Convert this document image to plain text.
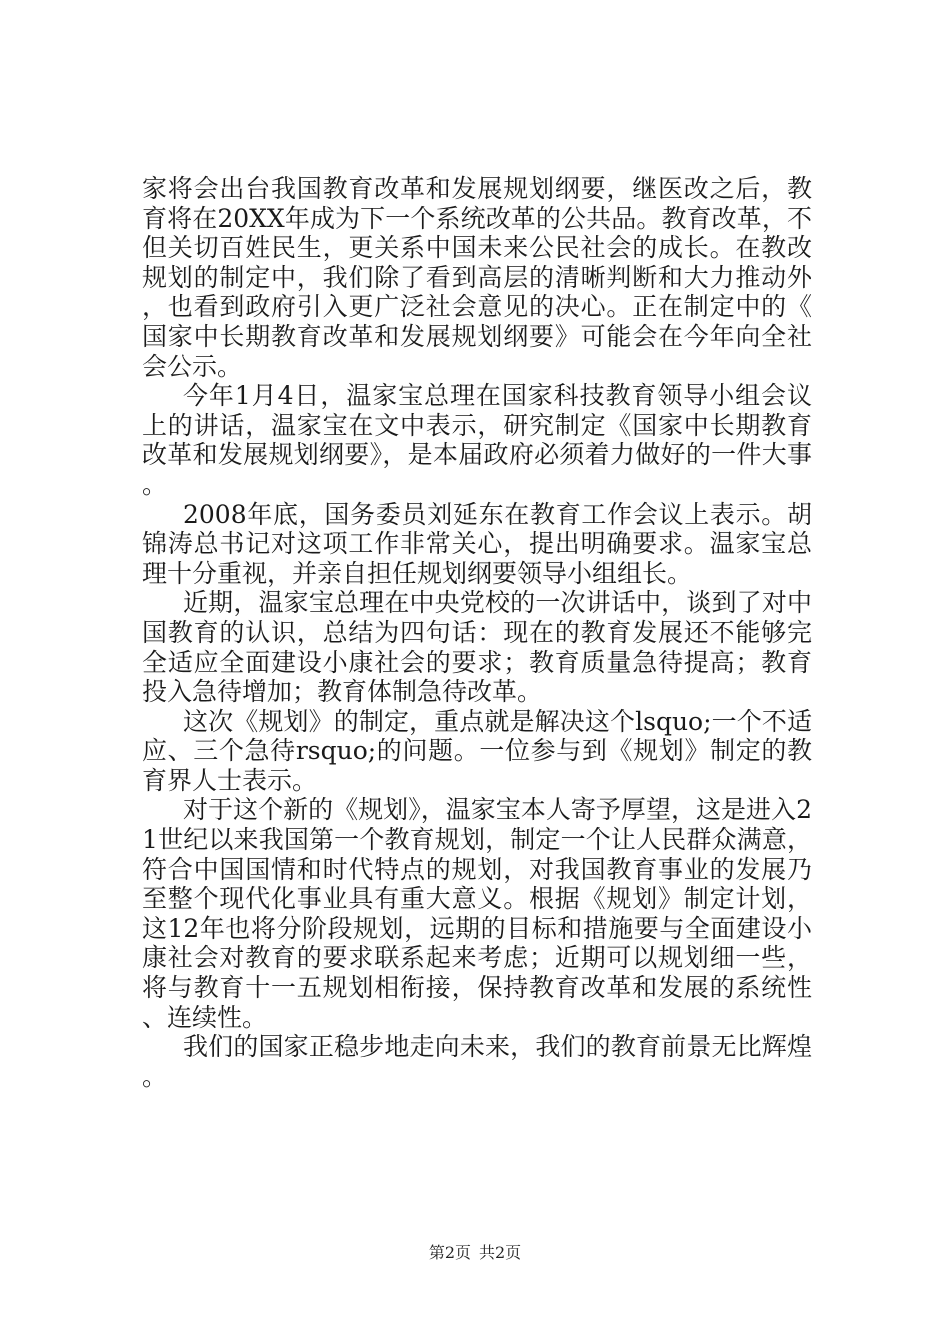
家将会出台我国教育改革和发展规划纲要，继医改之后，教育将在20XX年成为下一个系统改革的公共品。教育改革，不但关切百姓民生，更关系中国未来公民社会的成长。在教改规划的制定中，我们除了看到高层的清晰判断和大力推动外，也看到政府引入更广泛社会意见的决心。正在制定中的《国家中长期教育改革和发展规划纲要》可能会在今年向全社会公示。

今年1月4日，温家宝总理在国家科技教育领导小组会议上的讲话，温家宝在文中表示，研究制定《国家中长期教育改革和发展规划纲要》，是本届政府必须着力做好的一件大事。

2008年底，国务委员刘延东在教育工作会议上表示。胡锦涛总书记对这项工作非常关心，提出明确要求。温家宝总理十分重视，并亲自担任规划纲要领导小组组长。

近期，温家宝总理在中央党校的一次讲话中，谈到了对中国教育的认识，总结为四句话：现在的教育发展还不能够完全适应全面建设小康社会的要求；教育质量急待提高；教育投入急待增加；教育体制急待改革。

这次《规划》的制定，重点就是解决这个lsquo;一个不适应、三个急待rsquo;的问题。一位参与到《规划》制定的教育界人士表示。

对于这个新的《规划》，温家宝本人寄予厚望，这是进入21世纪以来我国第一个教育规划，制定一个让人民群众满意，符合中国国情和时代特点的规划，对我国教育事业的发展乃至整个现代化事业具有重大意义。根据《规划》制定计划，这12年也将分阶段规划，远期的目标和措施要与全面建设小康社会对教育的要求联系起来考虑；近期可以规划细一些，将与教育十一五规划相衔接，保持教育改革和发展的系统性、连续性。

我们的国家正稳步地走向未来，我们的教育前景无比辉煌。

第2页 共2页
